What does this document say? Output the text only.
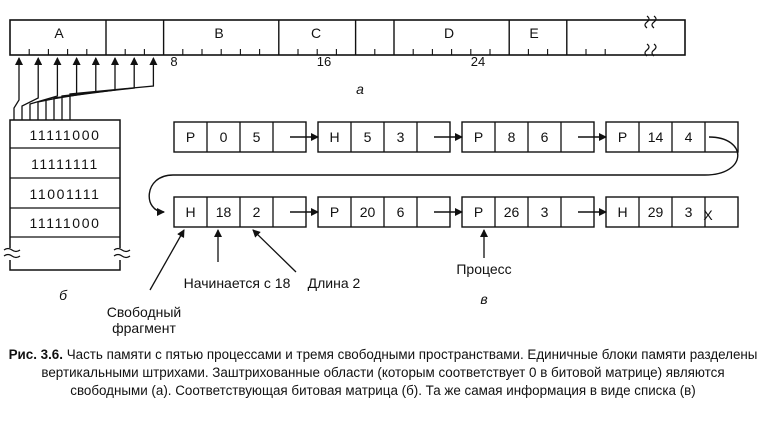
A	B	C	D	E
8	16	24
а
11111000
11111111
11001111
11111000
б
P 0 5	H 5 3	P 8 6	P 14 4
H 18 2	P 20 6	P 26 3	H 29 3 X
Свободный
фрагмент
Начинается с 18 Длина 2
Процесс
в
Рис. 3.6. Часть памяти с пятью процессами и тремя свободными пространствами. Единичные блоки памяти разделены вертикальными штрихами. Заштрихованные области (которым соответствует 0 в битовой матрице) являются свободными (а). Соответствующая битовая матрица (б). Та же самая информация в виде списка (в)
